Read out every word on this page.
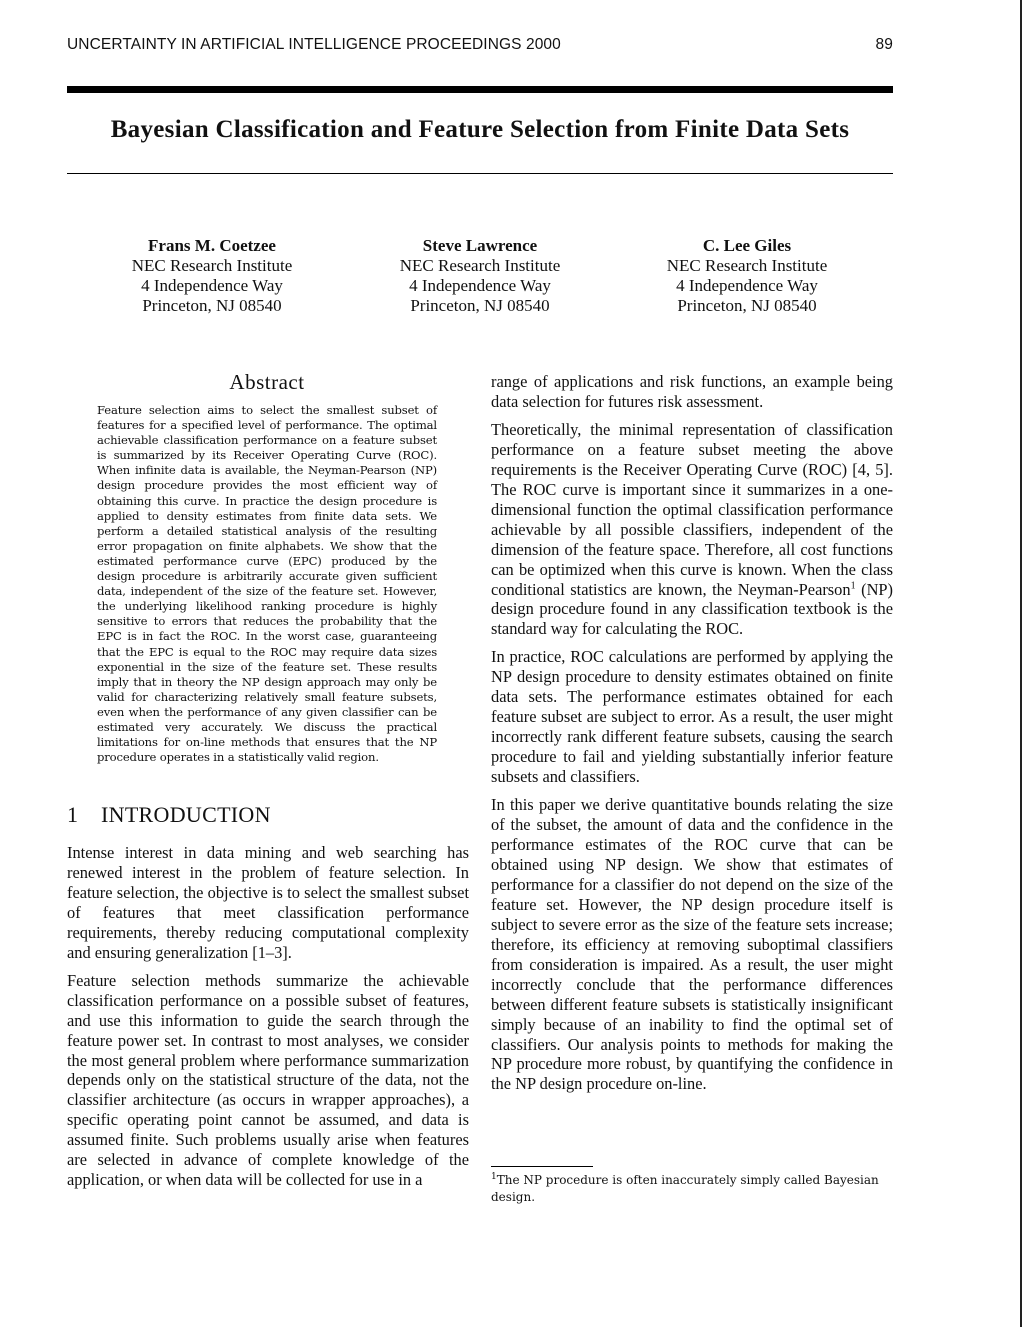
UNCERTAINTY IN ARTIFICIAL INTELLIGENCE PROCEEDINGS 2000	89
Bayesian Classification and Feature Selection from Finite Data Sets
Frans M. Coetzee
NEC Research Institute
4 Independence Way
Princeton, NJ 08540
Steve Lawrence
NEC Research Institute
4 Independence Way
Princeton, NJ 08540
C. Lee Giles
NEC Research Institute
4 Independence Way
Princeton, NJ 08540
Abstract
Feature selection aims to select the smallest subset of features for a specified level of performance. The optimal achievable classification performance on a feature subset is summarized by its Receiver Operating Curve (ROC). When infinite data is available, the Neyman-Pearson (NP) design procedure provides the most efficient way of obtaining this curve. In practice the design procedure is applied to density estimates from finite data sets. We perform a detailed statistical analysis of the resulting error propagation on finite alphabets. We show that the estimated performance curve (EPC) produced by the design procedure is arbitrarily accurate given sufficient data, independent of the size of the feature set. However, the underlying likelihood ranking procedure is highly sensitive to errors that reduces the probability that the EPC is in fact the ROC. In the worst case, guaranteeing that the EPC is equal to the ROC may require data sizes exponential in the size of the feature set. These results imply that in theory the NP design approach may only be valid for characterizing relatively small feature subsets, even when the performance of any given classifier can be estimated very accurately. We discuss the practical limitations for on-line methods that ensures that the NP procedure operates in a statistically valid region.
1 INTRODUCTION

Intense interest in data mining and web searching has renewed interest in the problem of feature selection. In feature selection, the objective is to select the smallest subset of features that meet classification performance requirements, thereby reducing computational complexity and ensuring generalization [1–3].

Feature selection methods summarize the achievable classification performance on a possible subset of features, and use this information to guide the search through the feature power set. In contrast to most analyses, we consider the most general problem where performance summarization depends only on the statistical structure of the data, not the classifier architecture (as occurs in wrapper approaches), a specific operating point cannot be assumed, and data is assumed finite. Such problems usually arise when features are selected in advance of complete knowledge of the application, or when data will be collected for use in a

range of applications and risk functions, an example being data selection for futures risk assessment.

Theoretically, the minimal representation of classification performance on a feature subset meeting the above requirements is the Receiver Operating Curve (ROC) [4, 5]. The ROC curve is important since it summarizes in a one-dimensional function the optimal classification performance achievable by all possible classifiers, independent of the dimension of the feature space. Therefore, all cost functions can be optimized when this curve is known. When the class conditional statistics are known, the Neyman-Pearson$^1$ (NP) design procedure found in any classification textbook is the standard way for calculating the ROC.

In practice, ROC calculations are performed by applying the NP design procedure to density estimates obtained on finite data sets. The performance estimates obtained for each feature subset are subject to error. As a result, the user might incorrectly rank different feature subsets, causing the search procedure to fail and yielding substantially inferior feature subsets and classifiers.

In this paper we derive quantitative bounds relating the size of the subset, the amount of data and the confidence in the performance estimates of the ROC curve that can be obtained using NP design. We show that estimates of performance for a classifier do not depend on the size of the feature set. However, the NP design procedure itself is subject to severe error as the size of the feature sets increase; therefore, its efficiency at removing suboptimal classifiers from consideration is impaired. As a result, the user might incorrectly conclude that the performance differences between different feature subsets is statistically insignificant simply because of an inability to find the optimal set of classifiers. Our analysis points to methods for making the NP procedure more robust, by quantifying the confidence in the NP design procedure on-line.

$^1$The NP procedure is often inaccurately simply called Bayesian design.
